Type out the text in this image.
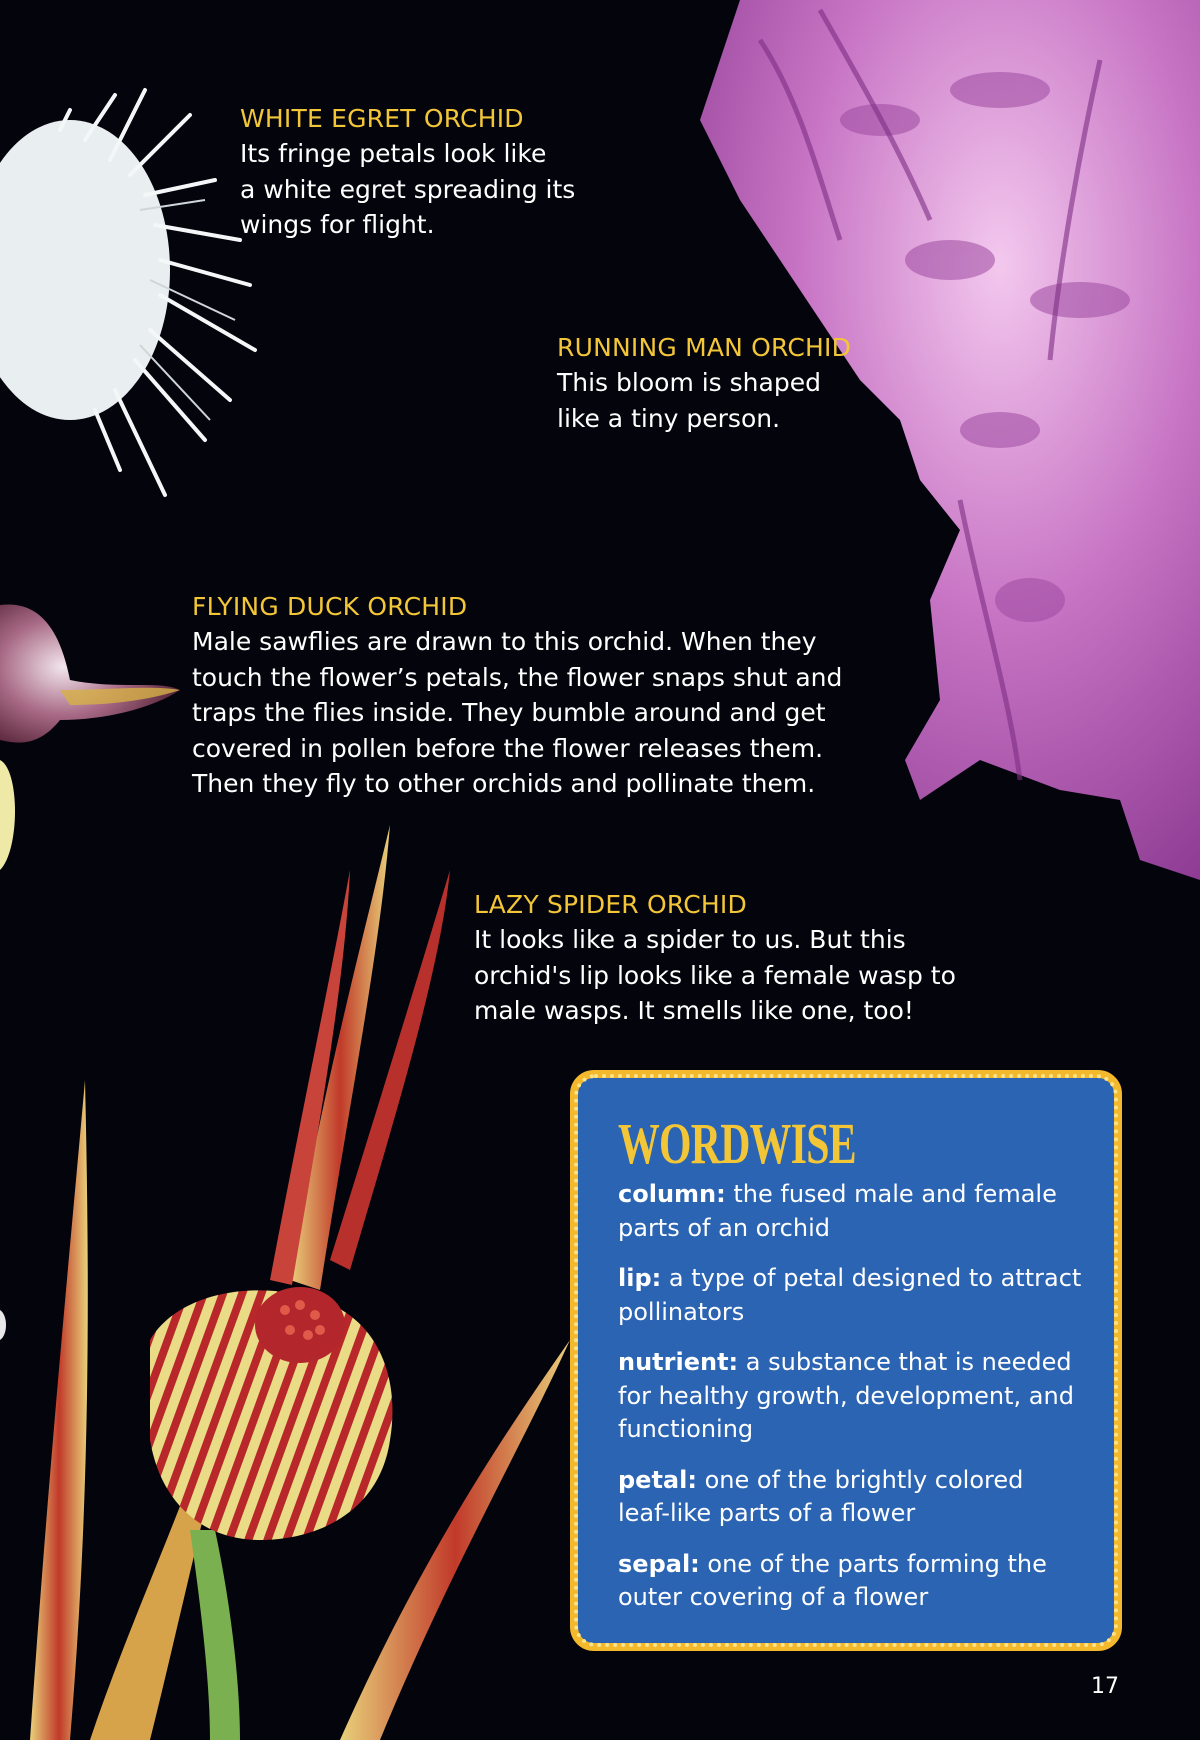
WHITE EGRET ORCHID
Its fringe petals look like
a white egret spreading its
wings for flight.
RUNNING MAN ORCHID
This bloom is shaped
like a tiny person.
FLYING DUCK ORCHID
Male sawflies are drawn to this orchid. When they
touch the flower’s petals, the flower snaps shut and
traps the flies inside. They bumble around and get
covered in pollen before the flower releases them.
Then they fly to other orchids and pollinate them.
LAZY SPIDER ORCHID
It looks like a spider to us. But this
orchid's lip looks like a female wasp to
male wasps. It smells like one, too!
WORDWISE
column: the fused male and female
parts of an orchid
lip: a type of petal designed to attract
pollinators
nutrient: a substance that is needed
for healthy growth, development, and
functioning
petal: one of the brightly colored
leaf-like parts of a flower
sepal: one of the parts forming the
outer covering of a flower
17
